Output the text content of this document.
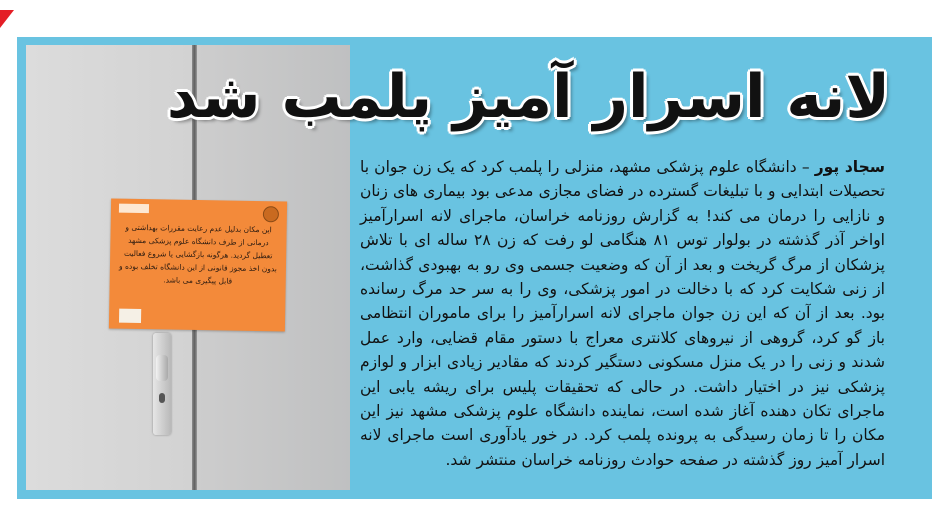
این مکان بدلیل عدم رعایت مقررات بهداشتی و درمانی از طرف دانشگاه علوم پزشکی مشهد تعطیل گردید. هرگونه بازگشایی یا شروع فعالیت بدون اخذ مجوز قانونی از این دانشگاه تخلف بوده و قابل پیگیری می باشد.
لانه اسرار آمیز پلمب شد

سجاد پور – دانشگاه علوم پزشکی مشهد، منزلی را پلمب کرد که یک زن جوان با تحصیلات ابتدایی و با تبلیغات گسترده در فضای مجازی مدعی بود بیماری های زنان و نازایی را درمان می کند! به گزارش روزنامه خراسان، ماجرای لانه اسرارآمیز اواخر آذر گذشته در بولوار توس ۸۱ هنگامی لو رفت که زن ۲۸ ساله ای با تلاش پزشکان از مرگ گریخت و بعد از آن که وضعیت جسمی وی رو به بهبودی گذاشت، از زنی شکایت کرد که با دخالت در امور پزشکی، وی را به سر حد مرگ رسانده بود. بعد از آن که این زن جوان ماجرای لانه اسرارآمیز را برای ماموران انتظامی باز گو کرد، گروهی از نیروهای کلانتری معراج با دستور مقام قضایی، وارد عمل شدند و زنی را در یک منزل مسکونی دستگیر کردند که مقادیر زیادی ابزار و لوازم پزشکی نیز در اختیار داشت. در حالی که تحقیقات پلیس برای ریشه یابی این ماجرای تکان دهنده آغاز شده است، نماینده دانشگاه علوم پزشکی مشهد نیز این مکان را تا زمان رسیدگی به پرونده پلمب کرد. در خور یادآوری است ماجرای لانه اسرار آمیز روز گذشته در صفحه حوادث روزنامه خراسان منتشر شد.
